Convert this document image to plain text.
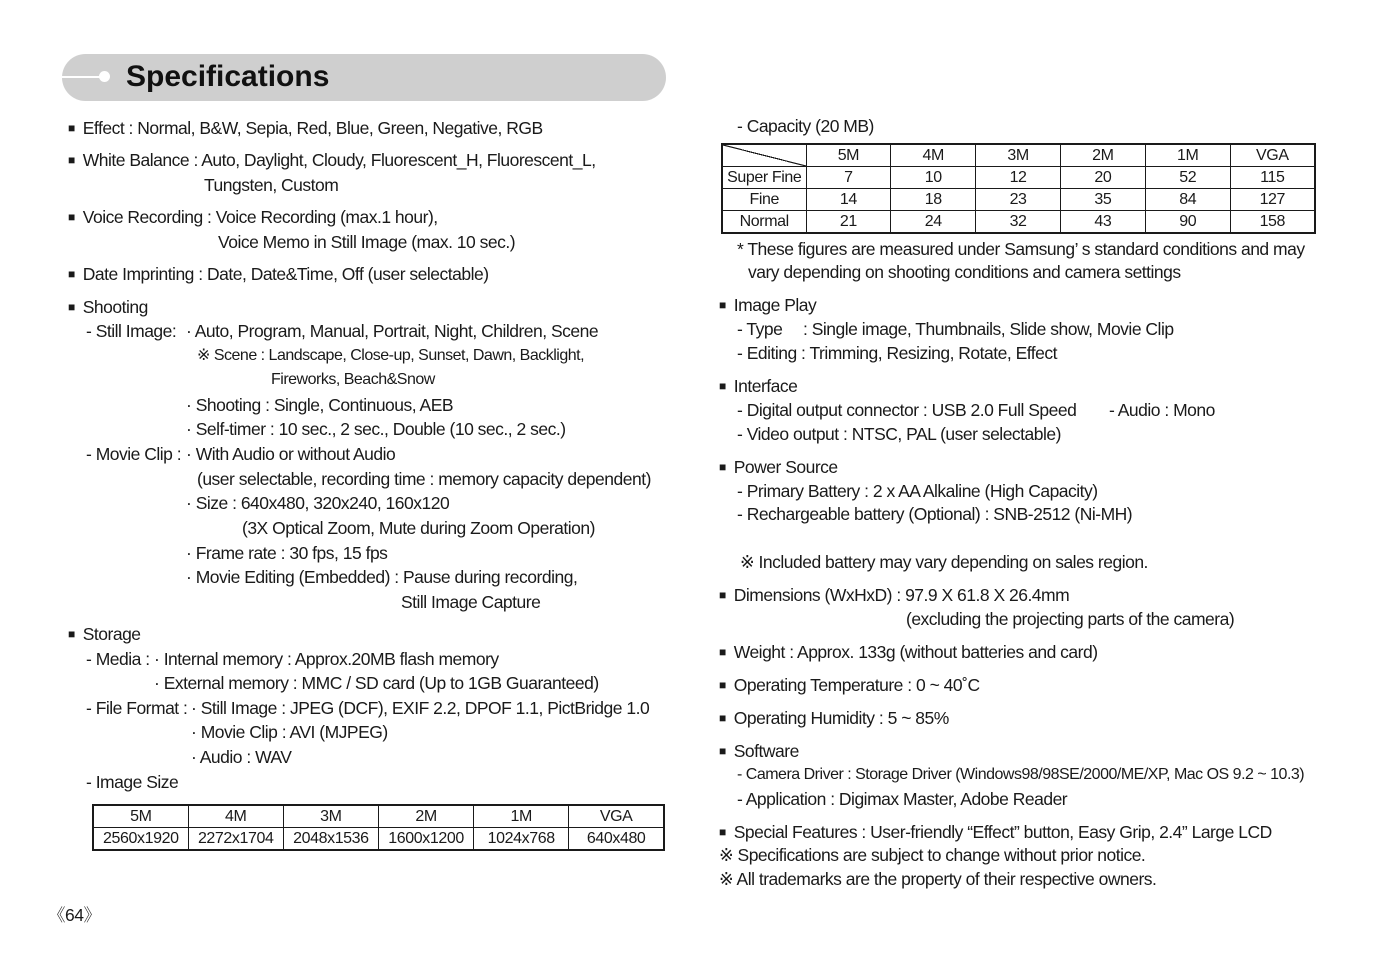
Specifications
■ Effect : Normal, B&W, Sepia, Red, Blue, Green, Negative, RGB
■ White Balance : Auto, Daylight, Cloudy, Fluorescent_H, Fluorescent_L,
Tungsten, Custom
■ Voice Recording : Voice Recording (max.1 hour),
Voice Memo in Still Image (max. 10 sec.)
■ Date Imprinting : Date, Date&Time, Off (user selectable)
■ Shooting
- Still Image: · Auto, Program, Manual, Portrait, Night, Children, Scene
※ Scene : Landscape, Close-up, Sunset, Dawn, Backlight,
Fireworks, Beach&Snow
· Shooting : Single, Continuous, AEB
· Self-timer : 10 sec., 2 sec., Double (10 sec., 2 sec.)
- Movie Clip : · With Audio or without Audio
(user selectable, recording time : memory capacity dependent)
· Size : 640x480, 320x240, 160x120
(3X Optical Zoom, Mute during Zoom Operation)
· Frame rate : 30 fps, 15 fps
· Movie Editing (Embedded) : Pause during recording,
Still Image Capture
■ Storage
- Media : · Internal memory : Approx.20MB flash memory
· External memory : MMC / SD card (Up to 1GB Guaranteed)
- File Format : · Still Image : JPEG (DCF), EXIF 2.2, DPOF 1.1, PictBridge 1.0
· Movie Clip : AVI (MJPEG)
· Audio : WAV
- Image Size
5M	4M	3M	2M	1M	VGA
2560x1920	2272x1704	2048x1536	1600x1200	1024x768	640x480
《64》
- Capacity (20 MB)
	5M	4M	3M	2M	1M	VGA
Super Fine	7	10	12	20	52	115
Fine	14	18	23	35	84	127
Normal	21	24	32	43	90	158
* These figures are measured under Samsung’ s standard conditions and may
vary depending on shooting conditions and camera settings
■ Image Play
- Type : Single image, Thumbnails, Slide show, Movie Clip
- Editing : Trimming, Resizing, Rotate, Effect
■ Interface
- Digital output connector : USB 2.0 Full Speed - Audio : Mono
- Video output : NTSC, PAL (user selectable)
■ Power Source
- Primary Battery : 2 x AA Alkaline (High Capacity)
- Rechargeable battery (Optional) : SNB-2512 (Ni-MH)
※ Included battery may vary depending on sales region.
■ Dimensions (WxHxD) : 97.9 X 61.8 X 26.4mm
(excluding the projecting parts of the camera)
■ Weight : Approx. 133g (without batteries and card)
■ Operating Temperature : 0 ~ 40˚C
■ Operating Humidity : 5 ~ 85%
■ Software
- Camera Driver : Storage Driver (Windows98/98SE/2000/ME/XP, Mac OS 9.2 ~ 10.3)
- Application : Digimax Master, Adobe Reader
■ Special Features : User-friendly “Effect” button, Easy Grip, 2.4” Large LCD
※ Specifications are subject to change without prior notice.
※ All trademarks are the property of their respective owners.
